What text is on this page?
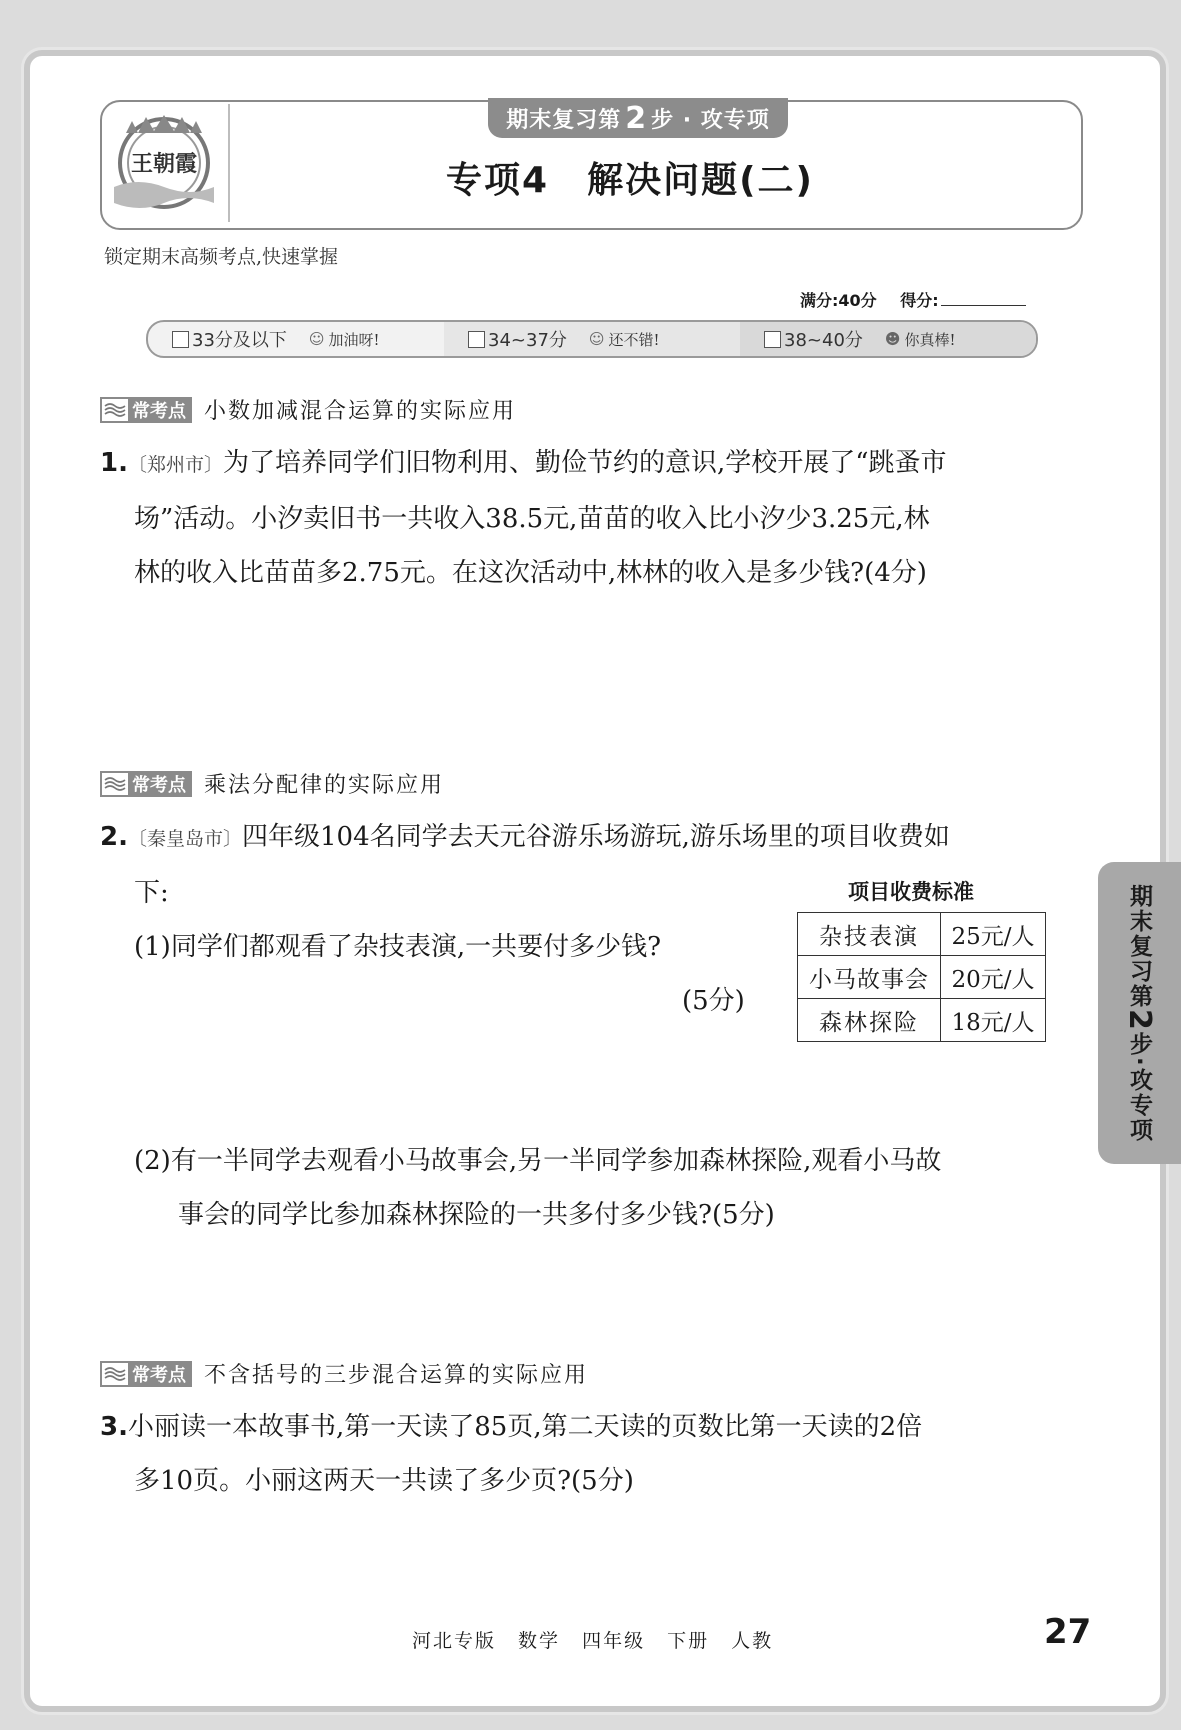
王朝霞
期末复习第 2 步 · 攻专项
专项4　解决问题(二)
锁定期末高频考点,快速掌握
满分:40分 得分:
33分及以下 ☺ 加油呀!	34~37分 ☺ 还不错!	38~40分 ☻ 你真棒!
常考点 小数加减混合运算的实际应用
1.〔郑州市〕为了培养同学们旧物利用、勤俭节约的意识,学校开展了“跳蚤市
场”活动。小汐卖旧书一共收入38.5元,苗苗的收入比小汐少3.25元,林
林的收入比苗苗多2.75元。在这次活动中,林林的收入是多少钱?(4分)
常考点 乘法分配律的实际应用
2.〔秦皇岛市〕四年级104名同学去天元谷游乐场游玩,游乐场里的项目收费如
下:
(1)同学们都观看了杂技表演,一共要付多少钱?
(5分)
项目收费标准
杂技表演	25元/人
小马故事会	20元/人
森林探险	18元/人
(2)有一半同学去观看小马故事会,另一半同学参加森林探险,观看小马故
事会的同学比参加森林探险的一共多付多少钱?(5分)
常考点 不含括号的三步混合运算的实际应用
3.小丽读一本故事书,第一天读了85页,第二天读的页数比第一天读的2倍
多10页。小丽这两天一共读了多少页?(5分)
期末复习第
2
步·攻专项
河北专版 数学 四年级 下册 人教	27
